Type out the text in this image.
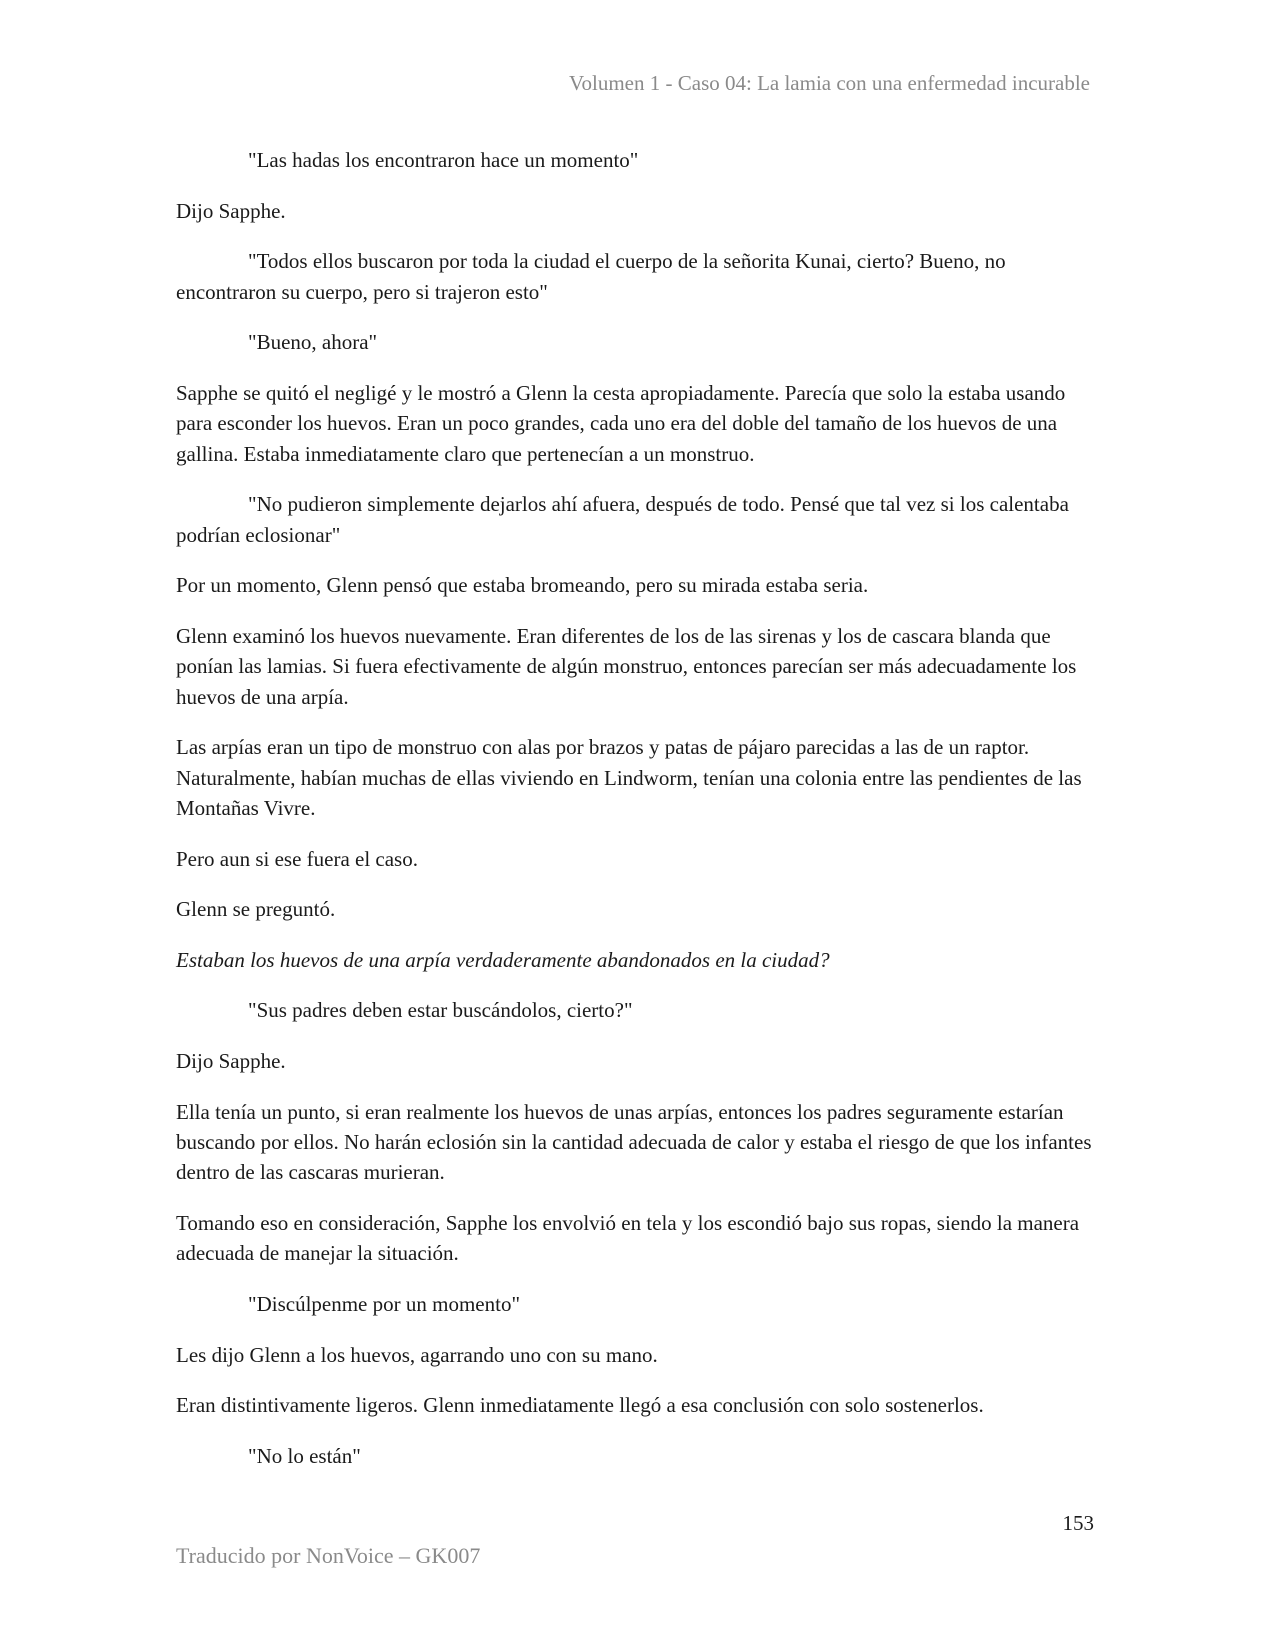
Volumen 1 - Caso 04: La lamia con una enfermedad incurable

"Las hadas los encontraron hace un momento"

Dijo Sapphe.

"Todos ellos buscaron por toda la ciudad el cuerpo de la señorita Kunai, cierto? Bueno, no encontraron su cuerpo, pero si trajeron esto"

"Bueno, ahora"

Sapphe se quitó el negligé y le mostró a Glenn la cesta apropiadamente. Parecía que solo la estaba usando para esconder los huevos. Eran un poco grandes, cada uno era del doble del tamaño de los huevos de una gallina. Estaba inmediatamente claro que pertenecían a un monstruo.

"No pudieron simplemente dejarlos ahí afuera, después de todo. Pensé que tal vez si los calentaba podrían eclosionar"

Por un momento, Glenn pensó que estaba bromeando, pero su mirada estaba seria.

Glenn examinó los huevos nuevamente. Eran diferentes de los de las sirenas y los de cascara blanda que ponían las lamias. Si fuera efectivamente de algún monstruo, entonces parecían ser más adecuadamente los huevos de una arpía.

Las arpías eran un tipo de monstruo con alas por brazos y patas de pájaro parecidas a las de un raptor. Naturalmente, habían muchas de ellas viviendo en Lindworm, tenían una colonia entre las pendientes de las Montañas Vivre.

Pero aun si ese fuera el caso.

Glenn se preguntó.

Estaban los huevos de una arpía verdaderamente abandonados en la ciudad?

"Sus padres deben estar buscándolos, cierto?"

Dijo Sapphe.

Ella tenía un punto, si eran realmente los huevos de unas arpías, entonces los padres seguramente estarían buscando por ellos. No harán eclosión sin la cantidad adecuada de calor y estaba el riesgo de que los infantes dentro de las cascaras murieran.

Tomando eso en consideración, Sapphe los envolvió en tela y los escondió bajo sus ropas, siendo la manera adecuada de manejar la situación.

"Discúlpenme por un momento"

Les dijo Glenn a los huevos, agarrando uno con su mano.

Eran distintivamente ligeros. Glenn inmediatamente llegó a esa conclusión con solo sostenerlos.

"No lo están"

153
Traducido por NonVoice – GK007
